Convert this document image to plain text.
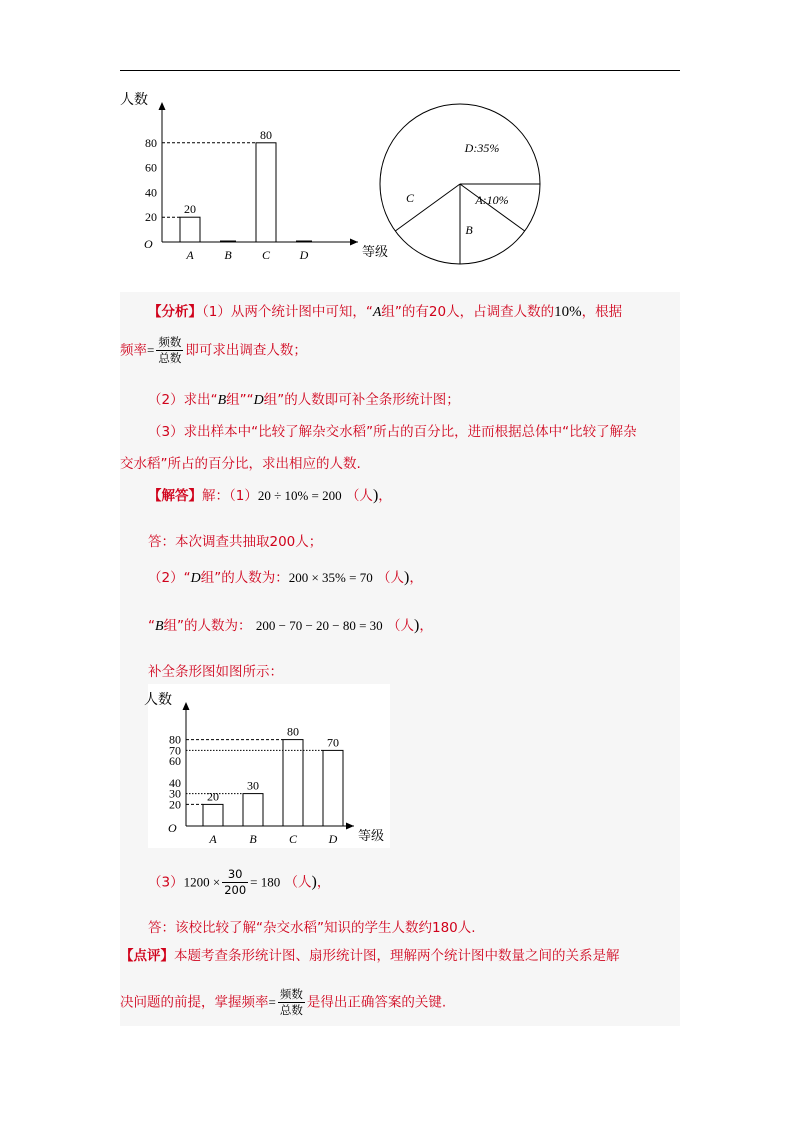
人数
等级
O
20
40
60
80
A
20
B	C
80
D
D:35%
A:10%
B
C
【分析】（1）从两个统计图中可知，“A组”的有20人，占调查人数的10%，根据
频率= $\frac{\text{频数}}{\text{总数}}$ 即可求出调查人数；
（2）求出“B组”“D组”的人数即可补全条形统计图；
（3）求出样本中“比较了解杂交水稻”所占的百分比，进而根据总体中“比较了解杂
交水稻”所占的百分比，求出相应的人数.
【解答】解：（1）20 ÷ 10% = 200 （人)，
答：本次调查共抽取200人；
（2）“D组”的人数为：200 × 35% = 70 （人)，
“B组”的人数为： 200 − 70 − 20 − 80 = 30 （人)，
补全条形图如图所示：
人数
等级
O
20
30
40
60
70
80
A
20
B
30
C
80
D
70
$(3)1200 \times \frac{30}{200} = 180$ （人)，
答：该校比较了解“杂交水稻”知识的学生人数约180人.
【点评】本题考查条形统计图、扇形统计图，理解两个统计图中数量之间的关系是解
决问题的前提，掌握频率= $\frac{\text{频数}}{\text{总数}}$ 是得出正确答案的关键.
